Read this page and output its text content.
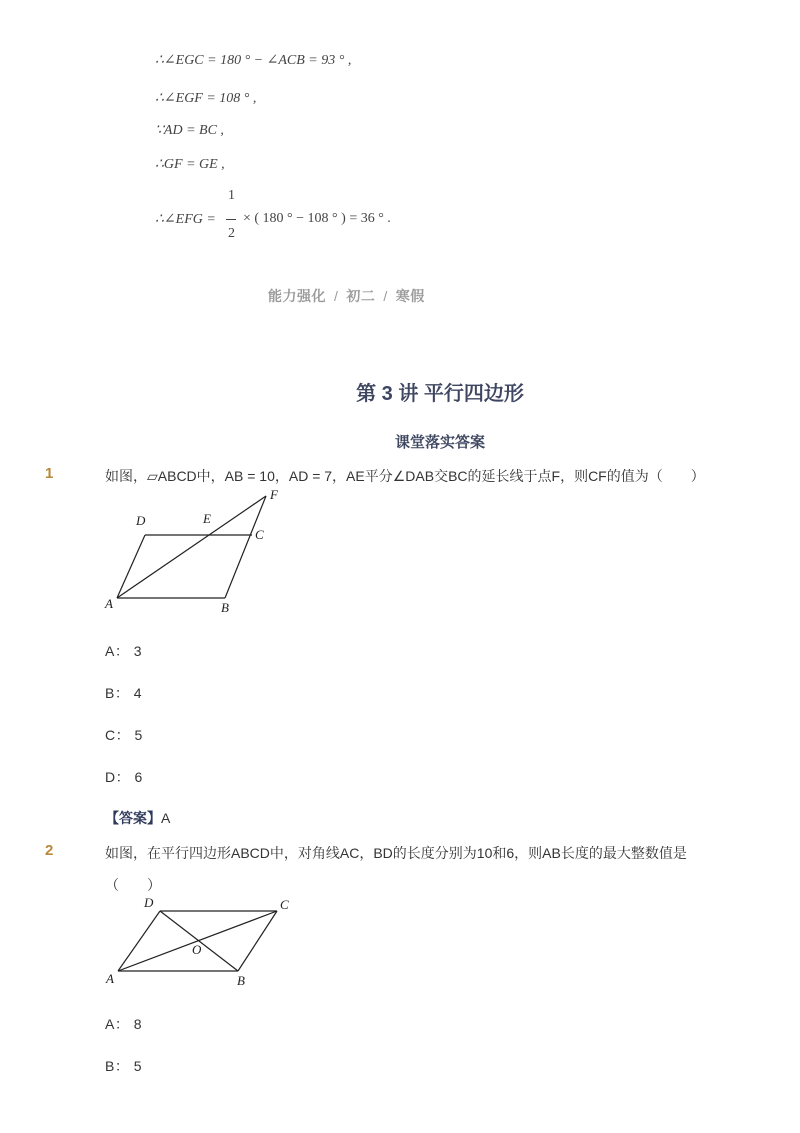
∴∠EGC = 180 ° − ∠ACB = 93 ° ,
∴∠EGF = 108 ° ,
∵AD = BC ,
∴GF = GE ,
∴∠EFG =
1
2
× ( 180 ° − 108 ° ) = 36 ° .
能力强化 / 初二 / 寒假
第 3 讲 平行四边形
课堂落实答案
1	如图，▱ABCD中，AB = 10，AD = 7，AE平分∠DAB交BC的延长线于点F，则CF的值为（　　）
D	E
F
C
A	B
A： 3
B： 4
C： 5
D： 6
【答案】A
2	如图，在平行四边形ABCD中，对角线AC，BD的长度分别为10和6，则AB长度的最大整数值是
（　　）
D	C
O
A	B
A： 8
B： 5
